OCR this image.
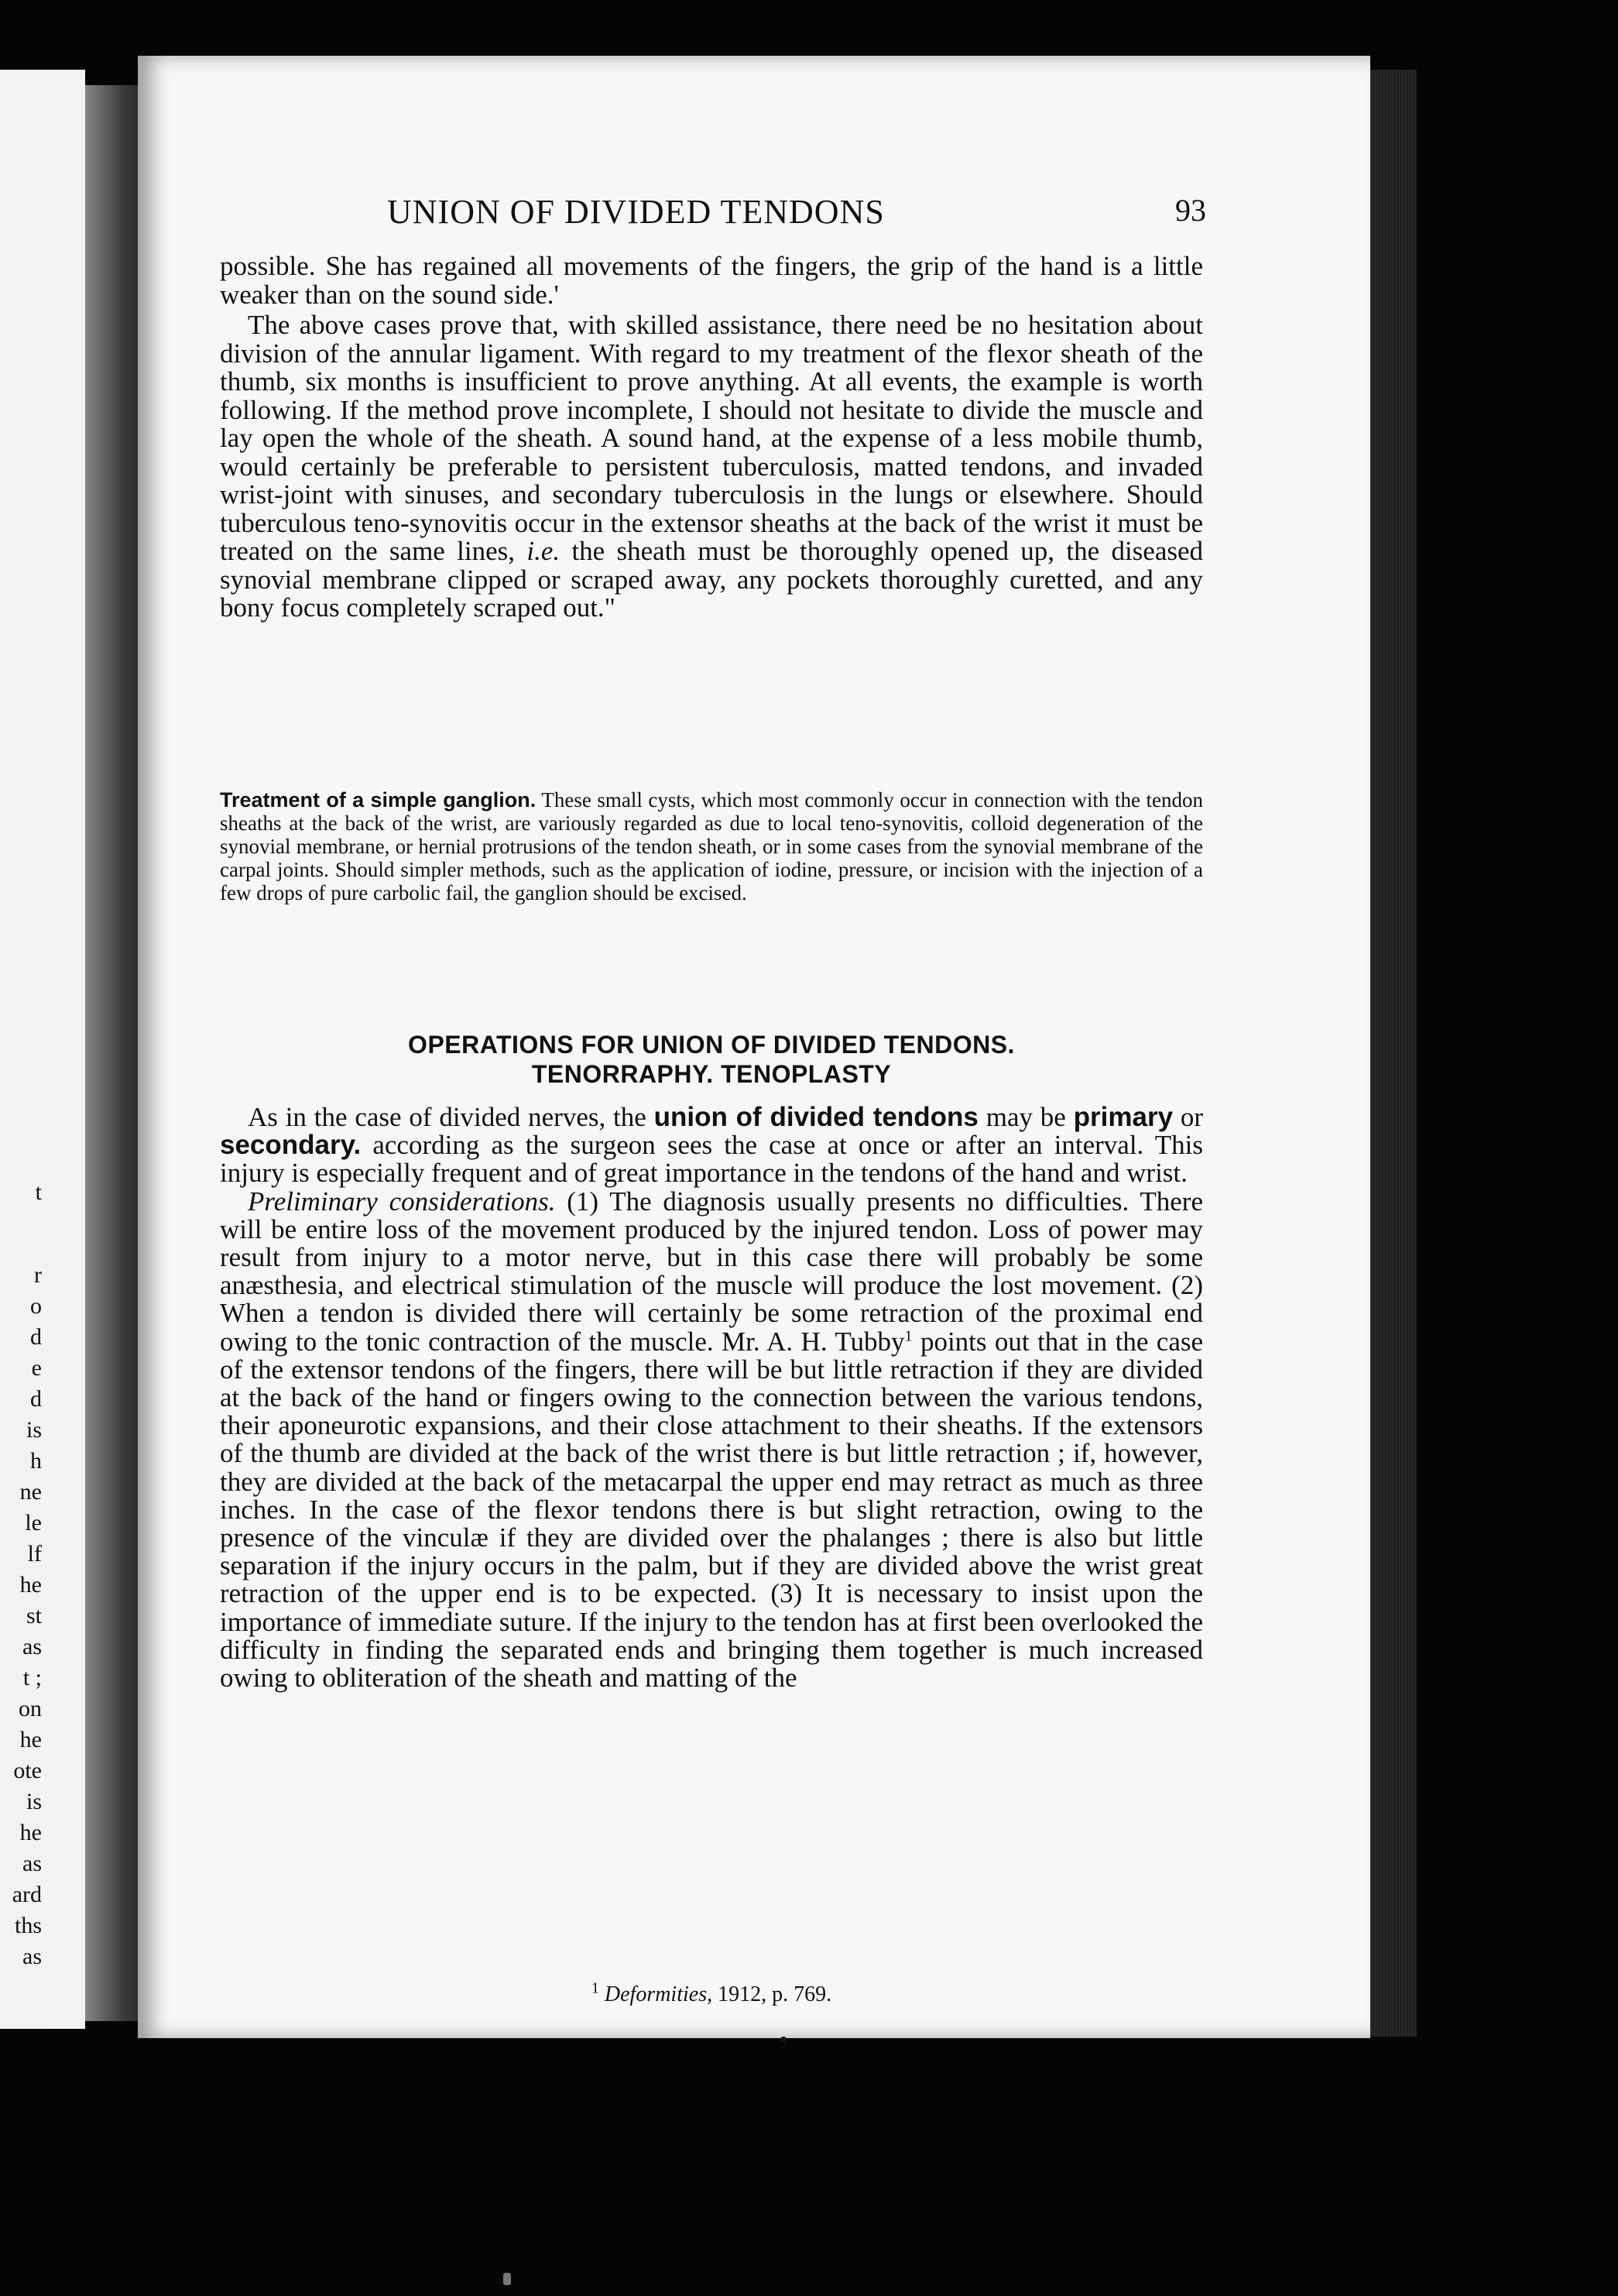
t
r
o
d
e
d
is
h
ne
le
lf
he
st
as
t ;
on
he
ote
is
he
as
ard
ths
as
UNION OF DIVIDED TENDONS	93
possible. She has regained all movements of the fingers, the grip of the hand is a little weaker than on the sound side.'
The above cases prove that, with skilled assistance, there need be no hesitation about division of the annular ligament. With regard to my treatment of the flexor sheath of the thumb, six months is insufficient to prove anything. At all events, the example is worth following. If the method prove incomplete, I should not hesitate to divide the muscle and lay open the whole of the sheath. A sound hand, at the expense of a less mobile thumb, would certainly be preferable to persistent tuberculosis, matted tendons, and invaded wrist-joint with sinuses, and secondary tuberculosis in the lungs or elsewhere. Should tuberculous teno-synovitis occur in the extensor sheaths at the back of the wrist it must be treated on the same lines, i.e. the sheath must be thoroughly opened up, the diseased synovial membrane clipped or scraped away, any pockets thoroughly curetted, and any bony focus completely scraped out."
Treatment of a simple ganglion. These small cysts, which most commonly occur in connection with the tendon sheaths at the back of the wrist, are variously regarded as due to local teno-synovitis, colloid degeneration of the synovial membrane, or hernial protrusions of the tendon sheath, or in some cases from the synovial membrane of the carpal joints. Should simpler methods, such as the application of iodine, pressure, or incision with the injection of a few drops of pure carbolic fail, the ganglion should be excised.
OPERATIONS FOR UNION OF DIVIDED TENDONS.
TENORRAPHY. TENOPLASTY
As in the case of divided nerves, the union of divided tendons may be primary or secondary. according as the surgeon sees the case at once or after an interval. This injury is especially frequent and of great importance in the tendons of the hand and wrist.
Preliminary considerations. (1) The diagnosis usually presents no difficulties. There will be entire loss of the movement produced by the injured tendon. Loss of power may result from injury to a motor nerve, but in this case there will probably be some anæsthesia, and electrical stimulation of the muscle will produce the lost movement. (2) When a tendon is divided there will certainly be some retraction of the proximal end owing to the tonic contraction of the muscle. Mr. A. H. Tubby$^1$ points out that in the case of the extensor tendons of the fingers, there will be but little retraction if they are divided at the back of the hand or fingers owing to the connection between the various tendons, their aponeurotic expansions, and their close attachment to their sheaths. If the extensors of the thumb are divided at the back of the wrist there is but little retraction ; if, however, they are divided at the back of the metacarpal the upper end may retract as much as three inches. In the case of the flexor tendons there is but slight retraction, owing to the presence of the vinculæ if they are divided over the phalanges ; there is also but little separation if the injury occurs in the palm, but if they are divided above the wrist great retraction of the upper end is to be expected. (3) It is necessary to insist upon the importance of immediate suture. If the injury to the tendon has at first been overlooked the difficulty in finding the separated ends and bringing them together is much increased owing to obliteration of the sheath and matting of the
$^1$ Deformities, 1912, p. 769.
